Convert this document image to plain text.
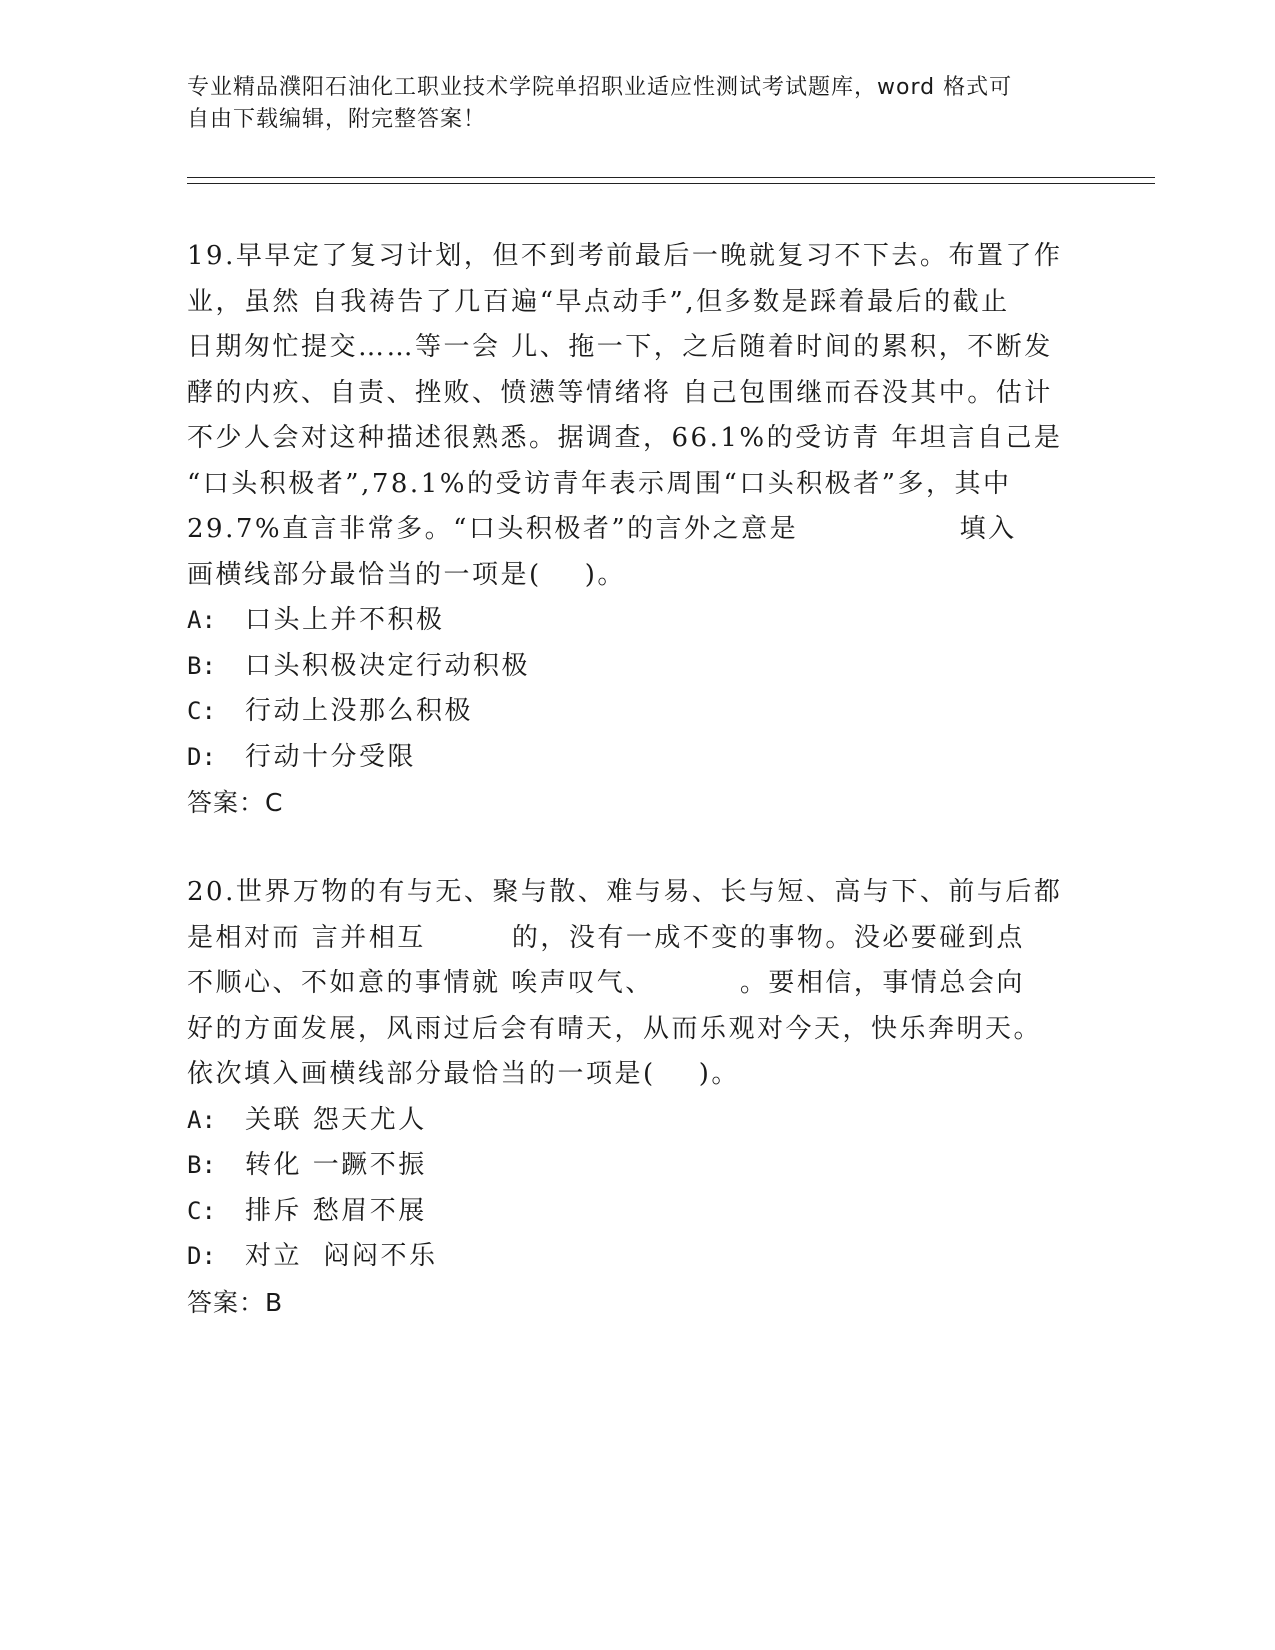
专业精品濮阳石油化工职业技术学院单招职业适应性测试考试题库，word 格式可
自由下载编辑，附完整答案！
19.早早定了复习计划，但不到考前最后一晚就复习不下去。布置了作
业，虽然 自我祷告了几百遍“早点动手”,但多数是踩着最后的截止
日期匆忙提交……等一会 儿、拖一下，之后随着时间的累积，不断发
酵的内疚、自责、挫败、愤懑等情绪将 自己包围继而吞没其中。估计
不少人会对这种描述很熟悉。据调查，66.1%的受访青 年坦言自己是
“口头积极者”,78.1%的受访青年表示周围“口头积极者”多，其中
29.7%直言非常多。“口头积极者”的言外之意是               填入
画横线部分最恰当的一项是(    )。
A: 口头上并不积极
B: 口头积极决定行动积极
C: 行动上没那么积极
D: 行动十分受限
答案：C
20.世界万物的有与无、聚与散、难与易、长与短、高与下、前与后都
是相对而 言并相互        的，没有一成不变的事物。没必要碰到点
不顺心、不如意的事情就 唉声叹气、        。要相信，事情总会向
好的方面发展，风雨过后会有晴天，从而乐观对今天，快乐奔明天。
依次填入画横线部分最恰当的一项是(    )。
A: 关联 怨天尤人
B: 转化 一蹶不振
C: 排斥 愁眉不展
D: 对立  闷闷不乐
答案：B
